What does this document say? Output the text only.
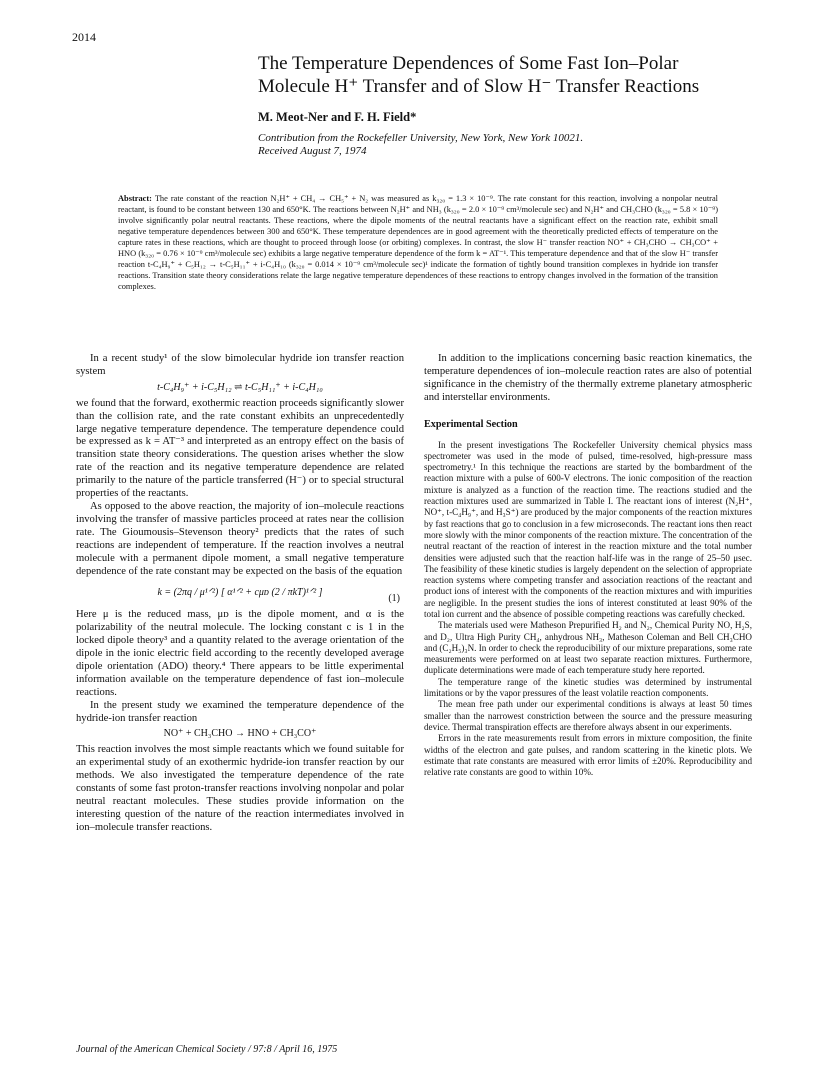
2014
The Temperature Dependences of Some Fast Ion–Polar
Molecule H⁺ Transfer and of Slow H⁻ Transfer Reactions
M. Meot-Ner and F. H. Field*
Contribution from the Rockefeller University, New York, New York 10021.
Received August 7, 1974
Abstract: The rate constant of the reaction N₂H⁺ + CH₄ → CH₅⁺ + N₂ was measured as k₃₂₀ = 1.3 × 10⁻⁹. The rate constant for this reaction, involving a nonpolar neutral reactant, is found to be constant between 130 and 650°K. The reactions between N₂H⁺ and NH₃ (k₃₂₀ = 2.0 × 10⁻⁹ cm³/molecule sec) and N₂H⁺ and CH₃CHO (k₃₂₀ = 5.8 × 10⁻⁹) involve significantly polar neutral reactants. These reactions, where the dipole moments of the neutral reactants have a significant effect on the reaction rate, exhibit small negative temperature dependences between 300 and 650°K. These temperature dependences are in good agreement with the theoretically predicted effects of temperature on the capture rates in these reactions, which are thought to proceed through loose (or orbiting) complexes. In contrast, the slow H⁻ transfer reaction NO⁺ + CH₃CHO → CH₃CO⁺ + HNO (k₃₂₀ = 0.76 × 10⁻⁹ cm³/molecule sec) exhibits a large negative temperature dependence of the form k = AT⁻¹. This temperature dependence and that of the slow H⁻ transfer reaction t-C₄H₉⁺ + C₅H₁₂ → t-C₅H₁₁⁺ + i-C₄H₁₀ (k₃₂₀ = 0.014 × 10⁻⁹ cm³/molecule sec)¹ indicate the formation of tightly bound transition complexes in hydride ion transfer reactions. Transition state theory considerations relate the large negative temperature dependences of these reactions to entropy changes involved in the formation of the transition complexes.

In a recent study¹ of the slow bimolecular hydride ion transfer reaction system

t-C₄H₉⁺ + i-C₅H₁₂ ⇌ t-C₅H₁₁⁺ + i-C₄H₁₀

we found that the forward, exothermic reaction proceeds significantly slower than the collision rate, and the rate constant exhibits an unprecedentedly large negative temperature dependence. The temperature dependence could be expressed as k = AT⁻³ and interpreted as an entropy effect on the basis of transition state theory considerations. The question arises whether the slow rate of the reaction and its negative temperature dependence are related primarily to the nature of the particle transferred (H⁻) or to special structural properties of the reactants.

As opposed to the above reaction, the majority of ion–molecule reactions involving the transfer of massive particles proceed at rates near the collision rate. The Gioumousis–Stevenson theory² predicts that the rates of such reactions are independent of temperature. If the reaction involves a neutral molecule with a permanent dipole moment, a small negative temperature dependence of the rate constant may be expected on the basis of the equation

k = (2πq / μ¹ᐟ²) [ α¹ᐟ² + cμᴅ (2 / πkT)¹ᐟ² ]
(1)

Here μ is the reduced mass, μᴅ is the dipole moment, and α is the polarizability of the neutral molecule. The locking constant c is 1 in the locked dipole theory³ and a quantity related to the average orientation of the dipole in the ionic electric field according to the recently developed average dipole orientation (ADO) theory.⁴ There appears to be little experimental information available on the temperature dependence of fast ion–molecule reactions.

In the present study we examined the temperature dependence of the hydride-ion transfer reaction

NO⁺ + CH₃CHO → HNO + CH₃CO⁺

This reaction involves the most simple reactants which we found suitable for an experimental study of an exothermic hydride-ion transfer reaction by our methods. We also investigated the temperature dependence of the rate constants of some fast proton-transfer reactions involving nonpolar and polar neutral reactant molecules. These studies provide information on the interesting question of the nature of the reaction intermediates involved in ion–molecule transfer reactions.

In addition to the implications concerning basic reaction kinematics, the temperature dependences of ion–molecule reaction rates are also of potential significance in the chemistry of the thermally extreme planetary atmospheric and interstellar environments.

Experimental Section

In the present investigations The Rockefeller University chemical physics mass spectrometer was used in the mode of pulsed, time-resolved, high-pressure mass spectrometry.¹ In this technique the reactions are started by the bombardment of the reaction mixture with a pulse of 600-V electrons. The ionic composition of the reaction mixture is analyzed as a function of the reaction time. The reactions studied and the reaction mixtures used are summarized in Table I. The reactant ions of interest (N₂H⁺, NO⁺, t-C₄H₉⁺, and H₃S⁺) are produced by the major components of the reaction mixtures by fast reactions that go to conclusion in a few microseconds. The reactant ions then react more slowly with the minor components of the reaction mixture. The concentration of the neutral reactant of the reaction of interest in the reaction mixture and the total number densities were adjusted such that the reaction half-life was in the range of 25–50 μsec. The feasibility of these kinetic studies is largely dependent on the selection of appropriate reaction systems where competing transfer and association reactions of the reactant and product ions of interest with the components of the reaction mixtures and with impurities are negligible. In the present studies the ions of interest constituted at least 90% of the total ion current and the absence of possible competing reactions was carefully checked.

The materials used were Matheson Prepurified H₂ and N₂, Chemical Purity NO, H₂S, and D₂, Ultra High Purity CH₄, anhydrous NH₃, Matheson Coleman and Bell CH₃CHO and (C₂H₅)₃N. In order to check the reproducibility of our mixture preparations, some rate measurements were performed on at least two separate reaction mixtures. Furthermore, duplicate determinations were made of each temperature study here reported.

The temperature range of the kinetic studies was determined by instrumental limitations or by the vapor pressures of the least volatile reaction components.

The mean free path under our experimental conditions is always at least 50 times smaller than the narrowest constriction between the source and the pressure measuring device. Thermal transpiration effects are therefore always absent in our experiments.

Errors in the rate measurements result from errors in mixture composition, the finite widths of the electron and gate pulses, and random scattering in the kinetic plots. We estimate that rate constants are measured with error limits of ±20%. Reproducibility and relative rate constants are good to within 10%.

Journal of the American Chemical Society / 97:8 / April 16, 1975
